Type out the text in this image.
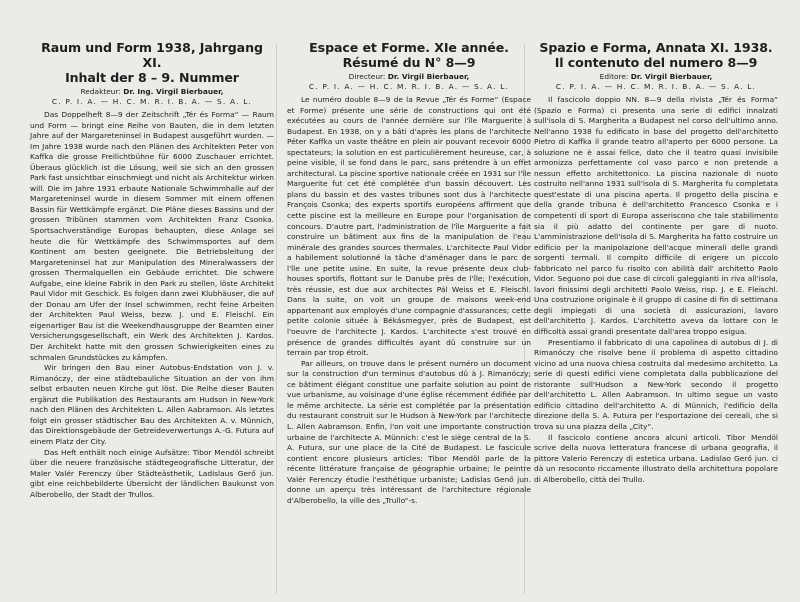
Raum und Form 1938, Jahrgang XI.
Inhalt der 8 – 9. Nummer
Redakteur: Dr. Ing. Virgil Bierbauer,
C. P. I. A. — H. C. M. R. I. B. A. — S. A. L.

Das Doppelheft 8—9 der Zeitschrift „Tér és Forma“ — Raum und Form — bringt eine Reihe von Bauten, die in dem letzten Jahre auf der Margareteninsel in Budapest ausgeführt wurden. — Im Jahre 1938 wurde nach den Plänen des Architekten Peter von Kaffka die grosse Freilichtbühne für 6000 Zuschauer errichtet. Überaus glücklich ist die Lösung, weil sie sich an den grossen Park fast unsichtbar einschmiegt und nicht als Architektur wirken will. Die im Jahre 1931 erbaute Nationale Schwimmhalle auf der Margareteninsel wurde in diesem Sommer mit einem offenen Bassin für Wettkämpfe ergänzt. Die Pläne dieses Bassins und der grossen Tribünen stammen vom Architekten Franz Csonka. Sportsachverständige Europas behaupten, diese Anlage sei heute die für Wettkämpfe des Schwimmsportes auf dem Kontinent am besten geeignete. Die Betriebsleitung der Margareteninsel hat zur Manipulation des Mineralwassers der grossen Thermalquellen ein Gebäude errichtet. Die schwere Aufgabe, eine kleine Fabrik in den Park zu stellen, löste Architekt Paul Vidor mit Geschick. Es folgen dann zwei Klubhäuser, die auf der Donau am Ufer der Insel schwimmen, recht feine Arbeiten der Architekten Paul Weiss, bezw. J. und E. Fleischl. Ein eigenartiger Bau ist die Weekendhausgruppe der Beamten einer Versicherungsgesellschaft, ein Werk des Architekten J. Kardos. Der Architekt hatte mit den grossen Schwierigkeiten eines zu schmalen Grundstückes zu kämpfen.

Wir bringen den Bau einer Autobus-Endstation von J. v. Rimanóczy, der eine städtebauliche Situation an der von ihm selbst erbauten neuen Kirche gut löst. Die Reihe dieser Bauten ergänzt die Publikation des Restaurants am Hudson in New-York nach den Plänen des Architekten L. Allen Aabramson. Als letztes folgt ein grosser städtischer Bau des Architekten A. v. Münnich, das Direktionsgebäude der Getreideverwertungs A.-G. Futura auf einem Platz der City.

Das Heft enthält noch einige Aufsätze: Tibor Mendöl schreibt über die neuere französische städtegeografische Litteratur, der Maler Valér Ferenczy über Städteästhetik, Ladislaus Gerő jun. gibt eine reichbebilderte Übersicht der ländlichen Baukunst von Alberobello, der Stadt der Trullos.

Espace et Forme. XIe année.
Résumé du N° 8—9
Directeur: Dr. Virgil Bierbauer,
C. P. I. A. — H. C. M. R. I. B. A. — S. A. L.

Le numéro double 8—9 de la Revue „Tér és Forme“ (Espace et Forme) présente une série de constructions qui ont été exécutées au cours de l'année dernière sur l'île Marguerite à Budapest. En 1938, on y a bâti d'après les plans de l'architecte Péter Kaffka un vaste théâtre en plein air pouvant recevoir 6000 spectateurs; la solution en est particulièrement heureuse, car, à peine visible, il se fond dans le parc, sans prétendre à un effet architectural. La piscine sportive nationale créée en 1931 sur l'île Marguerite fut cet été complétée d'un bassin découvert. Les plans du bassin et des vastes tribunes sont dus à l'architecte François Csonka; des experts sportifs européens affirment que cette piscine est la meilleure en Europe pour l'organisation de concours. D'autre part, l'administration de l'île Marguerite a fait construire un bâtiment aux fins de la manipulation de l'eau minérale des grandes sources thermales. L'architecte Paul Vidor a habilement solutionné la tâche d'aménager dans le parc de l'île une petite usine. En suite, la revue présente deux club-houses sportifs, flottant sur le Danube près de l'île; l'exécution, très réussie, est due aux architectes Pál Weiss et E. Fleischl. Dans la suite, on voit un groupe de maisons week-end appartenant aux employés d'une compagnie d'assurances; cette petite colonie située à Békásmegyer, près de Budapest, est l'oeuvre de l'architecte J. Kardos. L'architecte s'est trouvé en présence de grandes difficultés ayant dû construire sur un terrain par trop étroit.

Par ailleurs, on trouve dans le présent numéro un document sur la construction d'un terminus d'autobus dû à J. Rimanóczy; ce bâtiment élégant constitue une parfaite solution au point de vue urbanisme, au voisinage d'une église récemment édifiée par le même architecte. La série est complétée par la présentation du restaurant construit sur le Hudson à New-York par l'architecte L. Allen Aabramson. Enfin, l'on voit une importante construction urbaine de l'architecte A. Münnich: c'est le siège central de la S. A. Futura, sur une place de la Cité de Budapest. Le fascicule contient encore plusieurs articles: Tibor Mendöl parle de la récente littérature française de géographie urbaine; le peintre Valér Ferenczy étudie l'esthétique urbaniste; Ladislas Genő jun. donne un aperçu très intéressant de l'architecture régionale d'Alberobello, la ville des „Trullo“-s.

Spazio e Forma, Annata XI. 1938.
Il contenuto del numero 8—9
Editore: Dr. Virgil Bierbauer,
C. P. I. A. — H. C. M. R. I. B. A. — S. A. L.

Il fascicolo doppio NN. 8—9 della rivista „Tér és Forma“ (Spazio e Forma) ci presenta una serie di edifici innalzati sull'isola di S. Margherita a Budapest nel corso dell'ultimo anno. Nell'anno 1938 fu edificato in base del progetto dell'architetto Pietro di Kaffka il grande teatro all'aperto per 6000 persone. La soluzione ne è assai felice, dato che il teatro quasi invisibile armonizza perfettamente col vaso parco e non pretende a nessun effetto architettonico. La piscina nazionale di nuoto costruito nell'anno 1931 sull'isola di S. Margherita fu completata quest'estate di una piscina aperta. Il progetto della piscina e della grande tribuna è dell'architetto Francesco Csonka e i competenti di sport di Europa asseriscono che tale stabilimento sia il più adatto del continente per gare di nuoto. L'amministrazione dell'isola di S. Margherita ha fatto costruire un edificio per la manipolazione dell'acque minerali delle grandi sorgenti termali. Il compito difficile di erigere un piccolo fabbricato nel parco fu risolto con abilità dall' architetto Paolo Vidor. Seguono poi due case di circoli galeggianti in riva all'isola, lavori finissimi degli architetti Paolo Weiss, risp. J. e E. Fleischl. Una costruzione originale è il gruppo di casine di fin di settimana degli impiegati di una società di assicurazioni, lavoro dell'architetto J. Kardos. L'architetto aveva da lottare con le difficoltà assai grandi presentate dall'area troppo esigua.

Presentiamo il fabbricato di una capolinea di autobus di J. di Rimanóczy che risolve bene il problema di aspetto cittadino vicino ad una nuova chiesa costruita dal medesimo architetto. La serie di questi edifici viene completata dalla pubblicazione del ristorante sull'Hudson a New-York secondo il progetto dell'architetto L. Allen Aabramson. In ultimo segue un vasto edificio cittadino dell'architetto A. di Münnich, l'edificio della direzione della S. A. Futura per l'esportazione dei cereali, che si trova su una piazza della „City“.

Il fascicolo contiene ancora alcuni articoli. Tibor Mendöl scrive della nuova letteratura francese di urbana geografia, il pittore Valerio Ferenczy di estetica urbana. Ladislao Gerő jun. ci dà un resoconto riccamente illustrato della architettura popolare di Alberobello, città dei Trullo.
